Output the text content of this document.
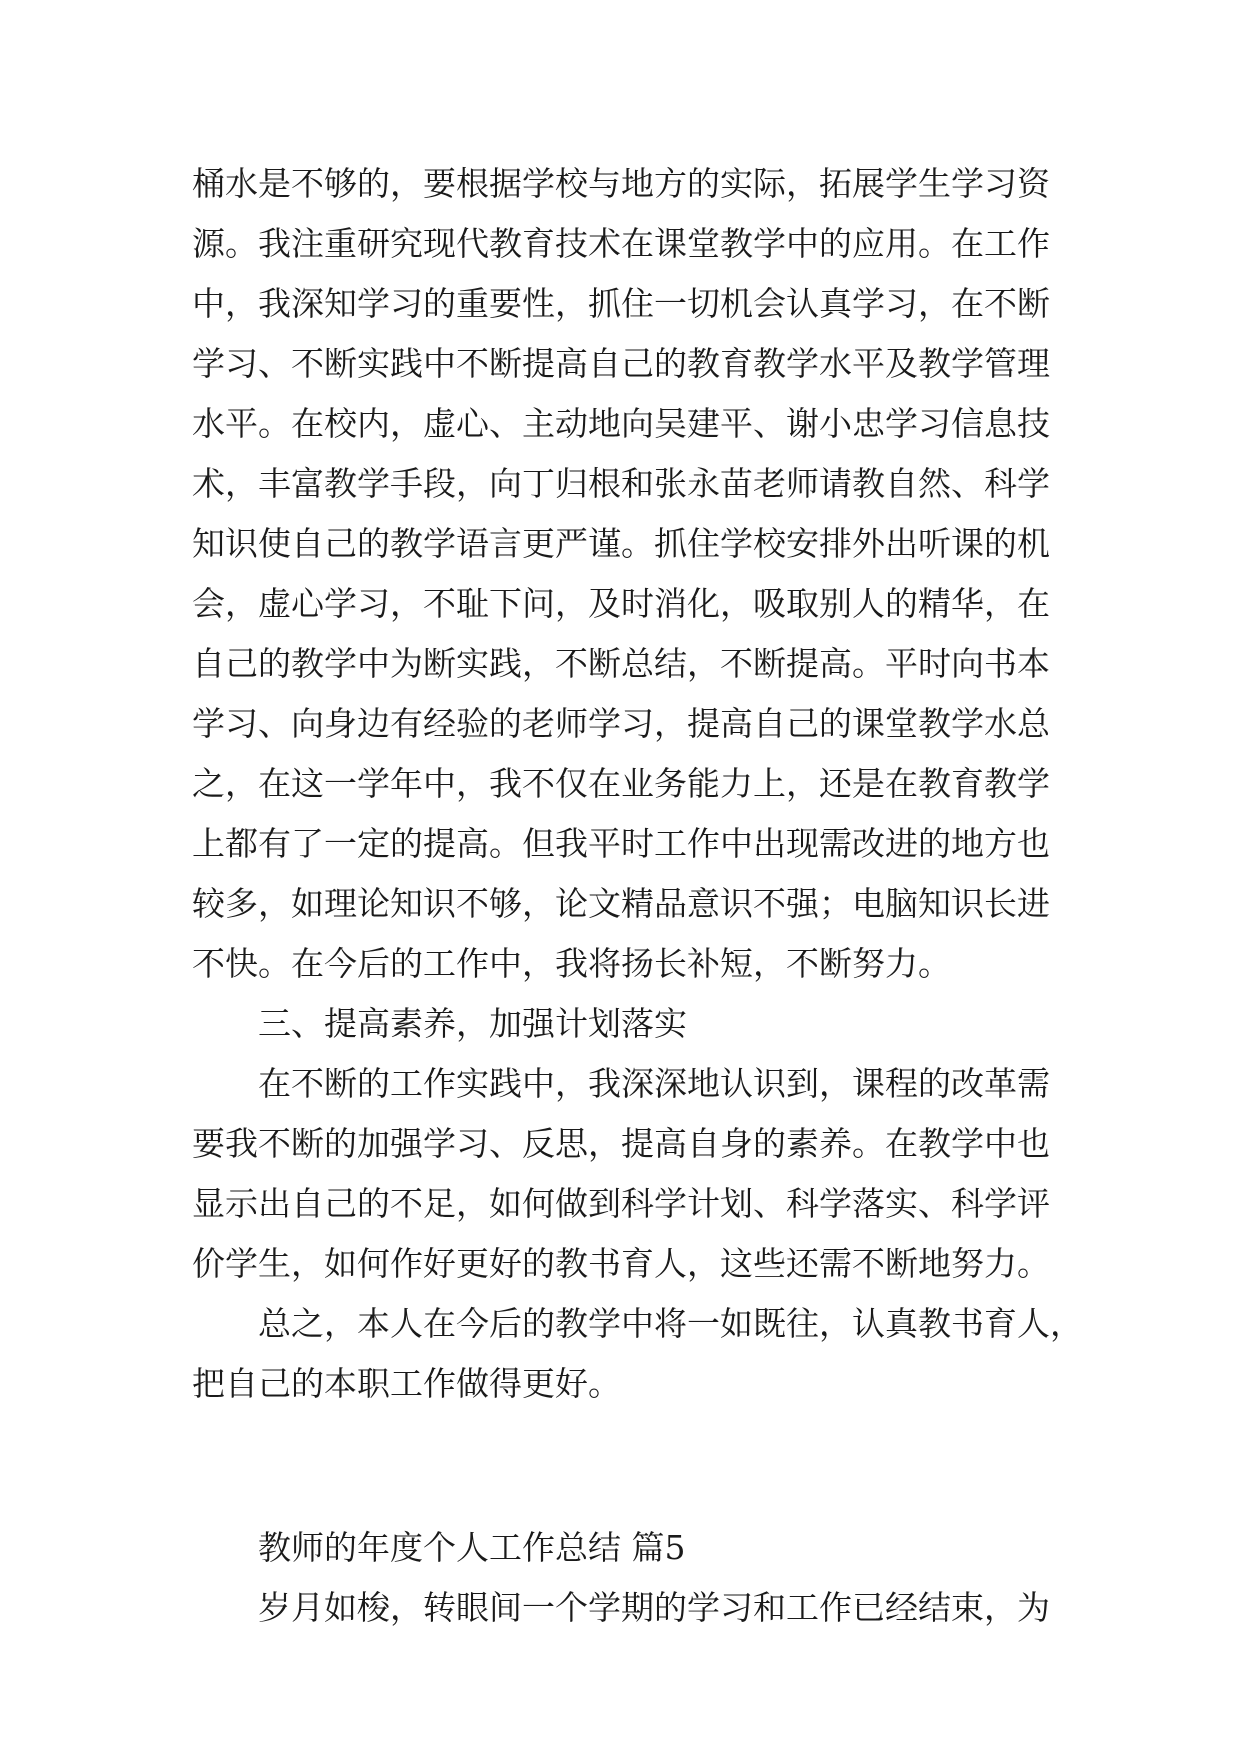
桶水是不够的，要根据学校与地方的实际，拓展学生学习资
源。我注重研究现代教育技术在课堂教学中的应用。在工作
中，我深知学习的重要性，抓住一切机会认真学习，在不断
学习、不断实践中不断提高自己的教育教学水平及教学管理
水平。在校内，虚心、主动地向吴建平、谢小忠学习信息技
术，丰富教学手段，向丁归根和张永苗老师请教自然、科学
知识使自己的教学语言更严谨。抓住学校安排外出听课的机
会，虚心学习，不耻下问，及时消化，吸取别人的精华，在
自己的教学中为断实践，不断总结，不断提高。平时向书本
学习、向身边有经验的老师学习，提高自己的课堂教学水总
之，在这一学年中，我不仅在业务能力上，还是在教育教学
上都有了一定的提高。但我平时工作中出现需改进的地方也
较多，如理论知识不够，论文精品意识不强；电脑知识长进
不快。在今后的工作中，我将扬长补短，不断努力。
　　三、提高素养，加强计划落实
　　在不断的工作实践中，我深深地认识到，课程的改革需
要我不断的加强学习、反思，提高自身的素养。在教学中也
显示出自己的不足，如何做到科学计划、科学落实、科学评
价学生，如何作好更好的教书育人，这些还需不断地努力。
　　总之，本人在今后的教学中将一如既往，认真教书育人，
把自己的本职工作做得更好。
　　教师的年度个人工作总结 篇5
　　岁月如梭，转眼间一个学期的学习和工作已经结束，为
